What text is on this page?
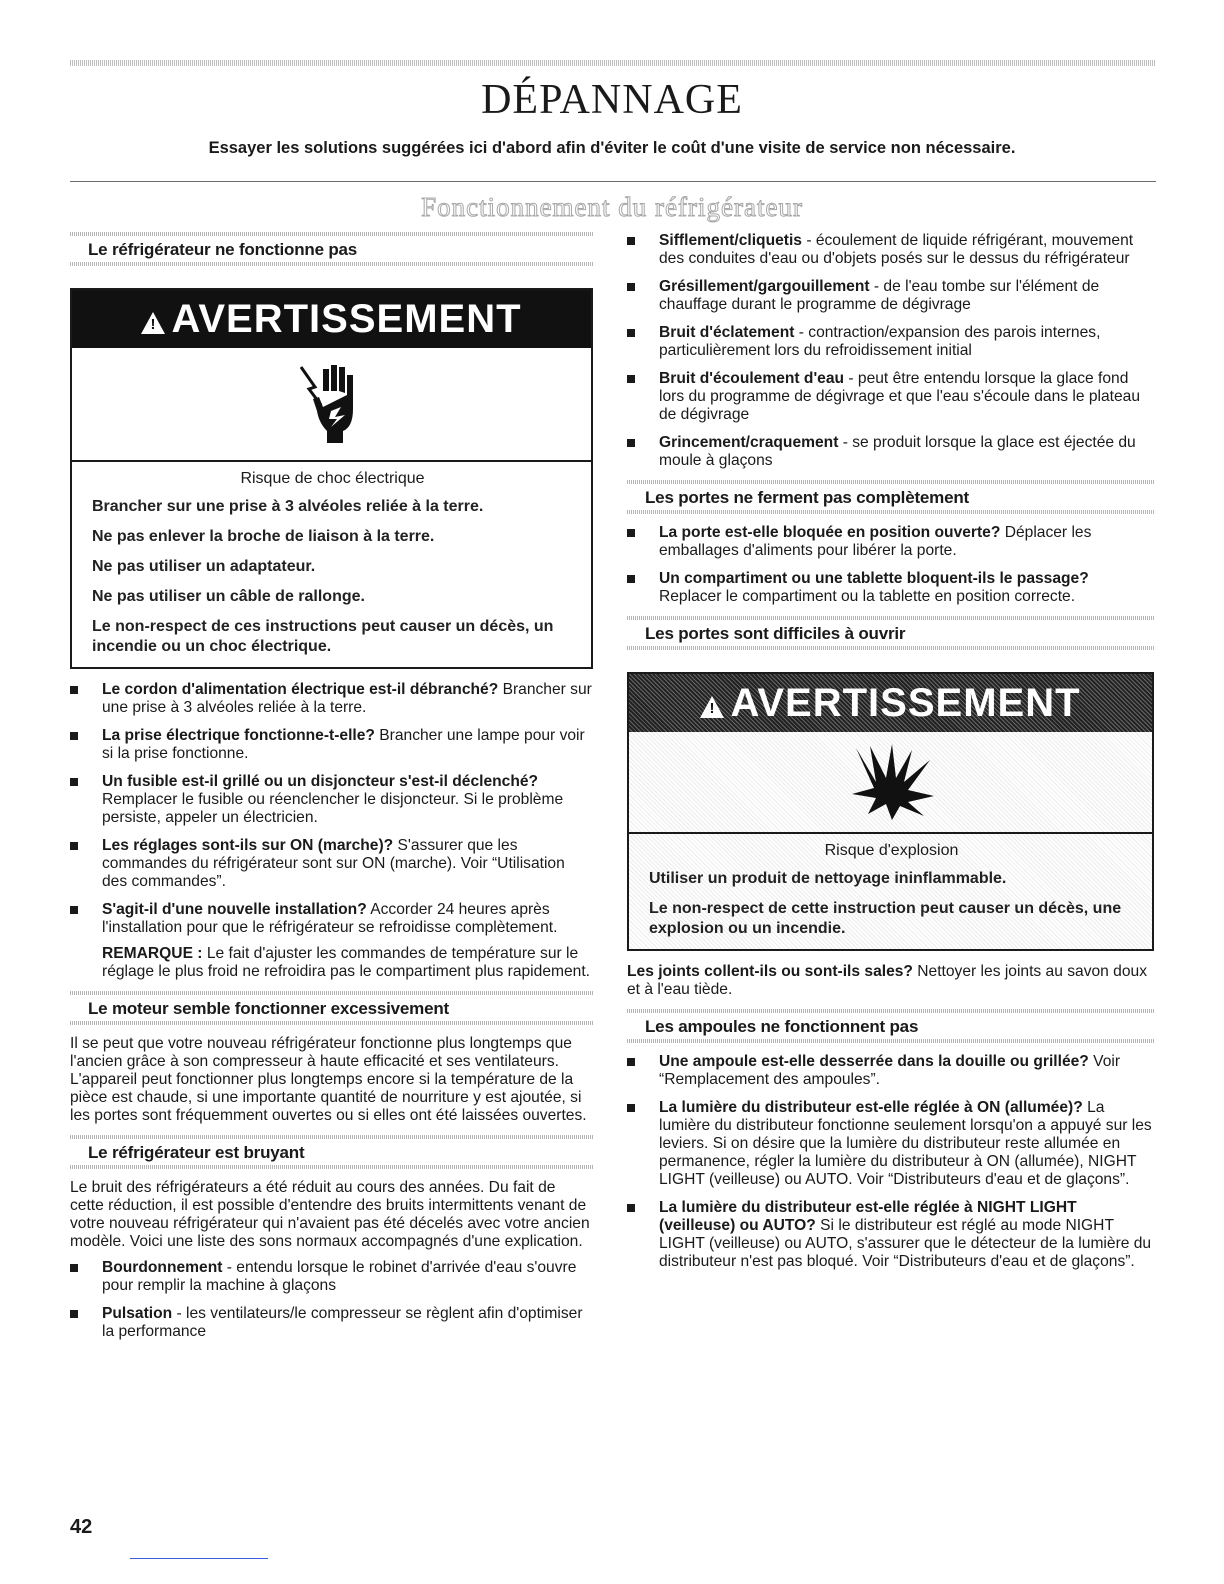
DÉPANNAGE
Essayer les solutions suggérées ici d'abord afin d'éviter le coût d'une visite de service non nécessaire.
Fonctionnement du réfrigérateur
Le réfrigérateur ne fonctionne pas
!AVERTISSEMENT
Risque de choc électrique
Brancher sur une prise à 3 alvéoles reliée à la terre.
Ne pas enlever la broche de liaison à la terre.
Ne pas utiliser un adaptateur.
Ne pas utiliser un câble de rallonge.
Le non-respect de ces instructions peut causer un décès, un incendie ou un choc électrique.
Le cordon d'alimentation électrique est-il débranché? Brancher sur une prise à 3 alvéoles reliée à la terre.
La prise électrique fonctionne-t-elle? Brancher une lampe pour voir si la prise fonctionne.
Un fusible est-il grillé ou un disjoncteur s'est-il déclenché? Remplacer le fusible ou réenclencher le disjoncteur. Si le problème persiste, appeler un électricien.
Les réglages sont-ils sur ON (marche)? S'assurer que les commandes du réfrigérateur sont sur ON (marche). Voir “Utilisation des commandes”.
S'agit-il d'une nouvelle installation? Accorder 24 heures après l'installation pour que le réfrigérateur se refroidisse complètement.

REMARQUE : Le fait d'ajuster les commandes de température sur le réglage le plus froid ne refroidira pas le compartiment plus rapidement.

Le moteur semble fonctionner excessivement

Il se peut que votre nouveau réfrigérateur fonctionne plus longtemps que l'ancien grâce à son compresseur à haute efficacité et ses ventilateurs. L'appareil peut fonctionner plus longtemps encore si la température de la pièce est chaude, si une importante quantité de nourriture y est ajoutée, si les portes sont fréquemment ouvertes ou si elles ont été laissées ouvertes.

Le réfrigérateur est bruyant

Le bruit des réfrigérateurs a été réduit au cours des années. Du fait de cette réduction, il est possible d'entendre des bruits intermittents venant de votre nouveau réfrigérateur qui n'avaient pas été décelés avec votre ancien modèle. Voici une liste des sons normaux accompagnés d'une explication.

Bourdonnement - entendu lorsque le robinet d'arrivée d'eau s'ouvre pour remplir la machine à glaçons
Pulsation - les ventilateurs/le compresseur se règlent afin d'optimiser la performance
Sifflement/cliquetis - écoulement de liquide réfrigérant, mouvement des conduites d'eau ou d'objets posés sur le dessus du réfrigérateur
Grésillement/gargouillement - de l'eau tombe sur l'élément de chauffage durant le programme de dégivrage
Bruit d'éclatement - contraction/expansion des parois internes, particulièrement lors du refroidissement initial
Bruit d'écoulement d'eau - peut être entendu lorsque la glace fond lors du programme de dégivrage et que l'eau s'écoule dans le plateau de dégivrage
Grincement/craquement - se produit lorsque la glace est éjectée du moule à glaçons
Les portes ne ferment pas complètement
La porte est-elle bloquée en position ouverte? Déplacer les emballages d'aliments pour libérer la porte.
Un compartiment ou une tablette bloquent-ils le passage? Replacer le compartiment ou la tablette en position correcte.
Les portes sont difficiles à ouvrir
!AVERTISSEMENT
Risque d'explosion
Utiliser un produit de nettoyage ininflammable.
Le non-respect de cette instruction peut causer un décès, une explosion ou un incendie.

Les joints collent-ils ou sont-ils sales? Nettoyer les joints au savon doux et à l'eau tiède.

Les ampoules ne fonctionnent pas
Une ampoule est-elle desserrée dans la douille ou grillée? Voir “Remplacement des ampoules”.
La lumière du distributeur est-elle réglée à ON (allumée)? La lumière du distributeur fonctionne seulement lorsqu'on a appuyé sur les leviers. Si on désire que la lumière du distributeur reste allumée en permanence, régler la lumière du distributeur à ON (allumée), NIGHT LIGHT (veilleuse) ou AUTO. Voir “Distributeurs d'eau et de glaçons”.
La lumière du distributeur est-elle réglée à NIGHT LIGHT (veilleuse) ou AUTO? Si le distributeur est réglé au mode NIGHT LIGHT (veilleuse) ou AUTO, s'assurer que le détecteur de la lumière du distributeur n'est pas bloqué. Voir “Distributeurs d'eau et de glaçons”.
42
